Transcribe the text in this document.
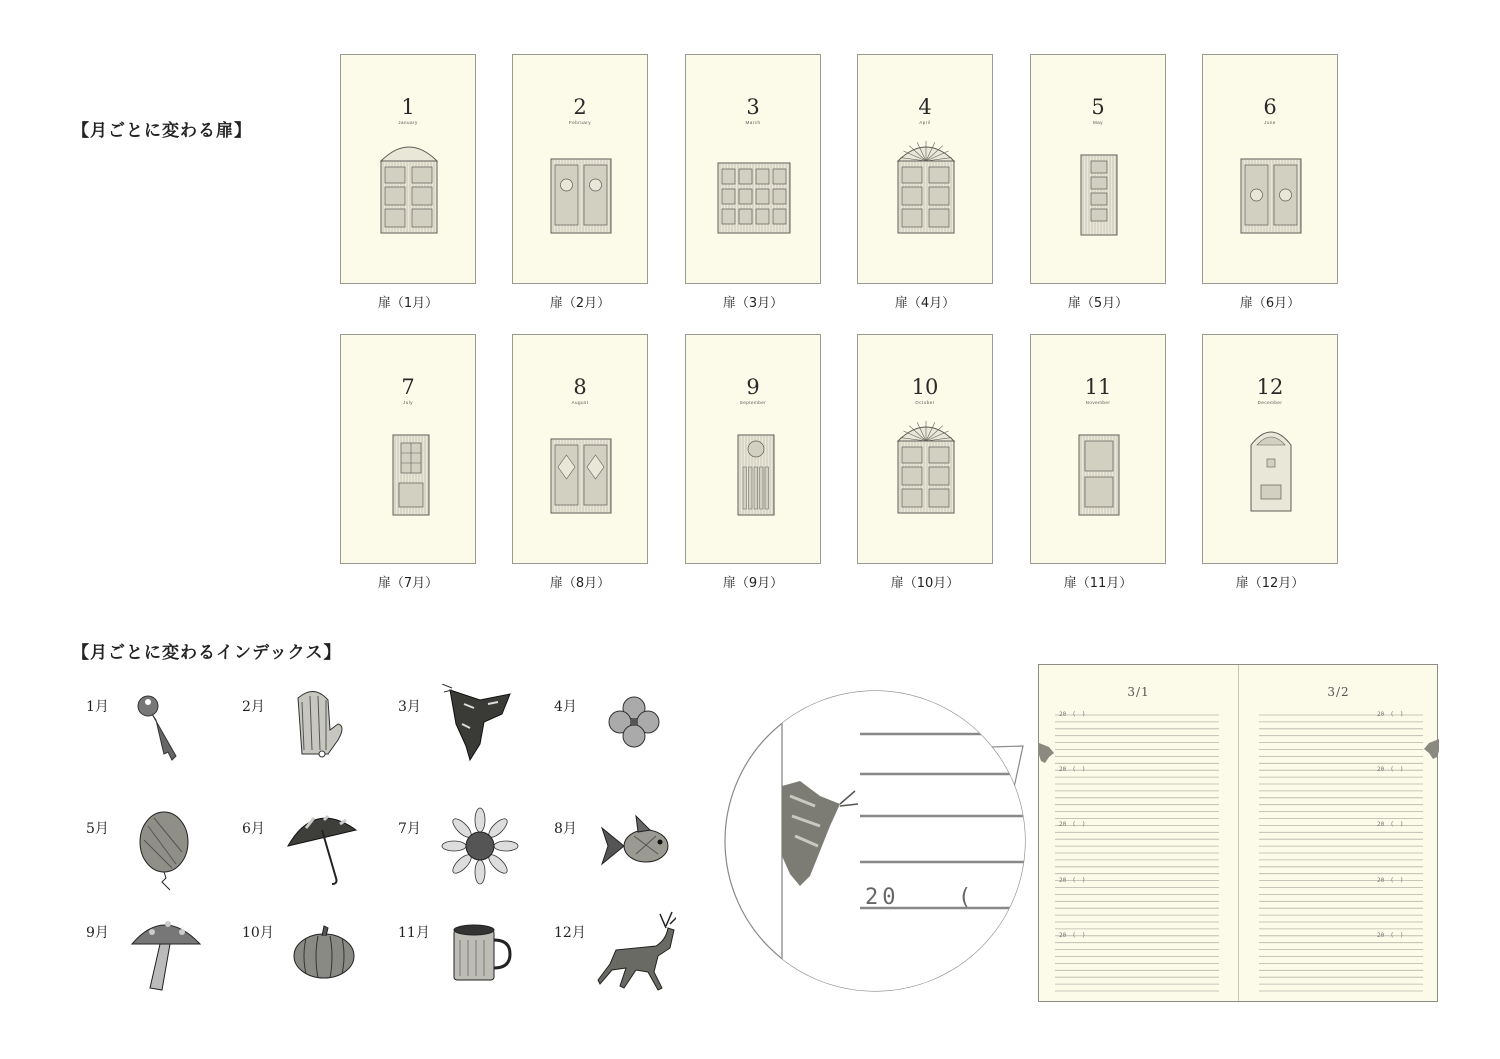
【月ごとに変わる扉】
【月ごとに変わるインデックス】
1
January
扉（1月）
2
February
扉（2月）
3
March
扉（3月）
4
April
扉（4月）
5
May
扉（5月）
6
June
扉（6月）
7
July
扉（7月）
8
August
扉（8月）
9
September
扉（9月）
10
October
扉（10月）
11
November
扉（11月）
12
December
扉（12月）
1月	2月	3月	4月
5月	6月	7月	8月
9月	10月	11月	12月
20	(
3/1	3/2
20　(　)	20　(　)
20　(　)	20　(　)
20　(　)	20　(　)
20　(　)	20　(　)
20　(　)	20　(　)
